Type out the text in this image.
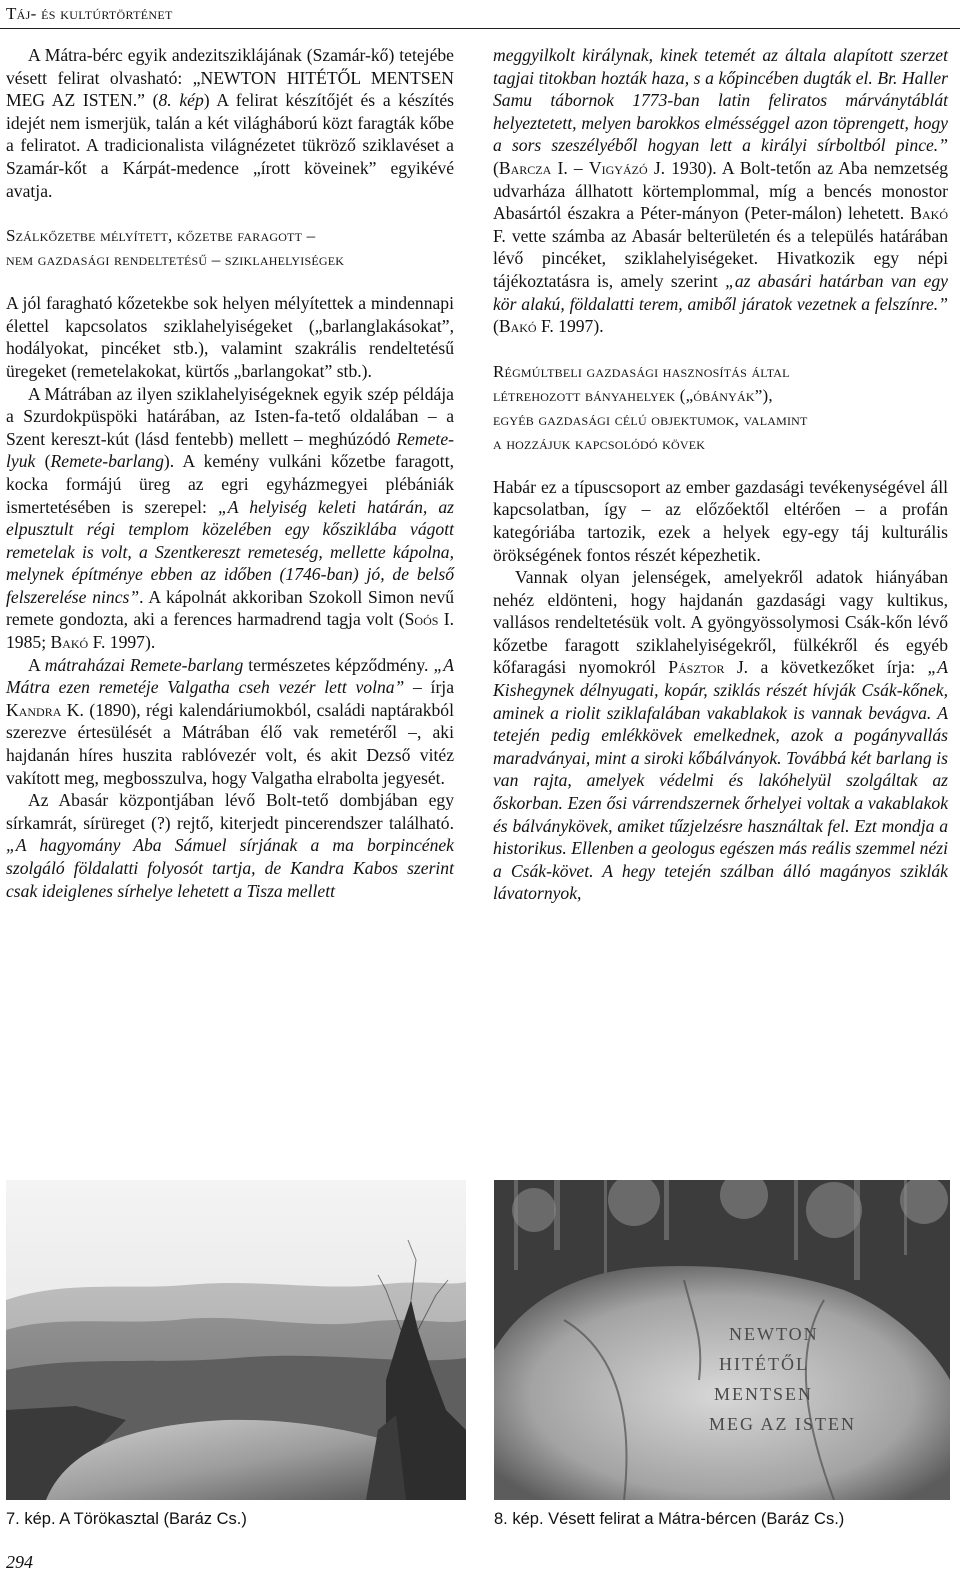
Táj- és kultúrtörténet

A Mátra-bérc egyik andezitsziklájának (Szamár-kő) tetejébe vésett felirat olvasható: „NEWTON HITÉTŐL MENTSEN MEG AZ ISTEN.” (8. kép) A felirat készítőjét és a készítés idejét nem ismerjük, talán a két világháború közt faragták kőbe a feliratot. A tradicionalista világnézetet tükröző sziklavéset a Szamár-kőt a Kárpát-medence „írott köveinek” egyikévé avatja.

Szálkőzetbe mélyített, kőzetbe faragott –
nem gazdasági rendeltetésű – sziklahelyiségek

A jól faragható kőzetekbe sok helyen mélyítettek a mindennapi élettel kapcsolatos sziklahelyiségeket („barlanglakásokat”, hodályokat, pincéket stb.), valamint szakrális rendeltetésű üregeket (remetelakokat, kürtős „barlangokat” stb.).

A Mátrában az ilyen sziklahelyiségeknek egyik szép példája a Szurdokpüspöki határában, az Isten-fa-tető oldalában – a Szent kereszt-kút (lásd fentebb) mellett – meghúzódó Remete-lyuk (Remete-barlang). A kemény vulkáni kőzetbe faragott, kocka formájú üreg az egri egyházmegyei plébániák ismertetésében is szerepel: „A helyiség keleti határán, az elpusztult régi templom közelében egy kősziklába vágott remetelak is volt, a Szentkereszt remeteség, mellette kápolna, melynek építménye ebben az időben (1746-ban) jó, de belső felszerelése nincs”. A kápolnát akkoriban Szokoll Simon nevű remete gondozta, aki a ferences harmadrend tagja volt (Soós I. 1985; Bakó F. 1997).

A mátraházai Remete-barlang természetes képződmény. „A Mátra ezen remetéje Valgatha cseh vezér lett volna” – írja Kandra K. (1890), régi kalendáriumokból, családi naptárakból szerezve értesülését a Mátrában élő vak remetéről –, aki hajdanán híres huszita rablóvezér volt, és akit Dezső vitéz vakított meg, megbosszulva, hogy Valgatha elrabolta jegyesét.

Az Abasár központjában lévő Bolt-tető dombjában egy sírkamrát, sírüreget (?) rejtő, kiterjedt pincerendszer található. „A hagyomány Aba Sámuel sírjának a ma borpincének szolgáló földalatti folyosót tartja, de Kandra Kabos szerint csak ideiglenes sírhelye lehetett a Tisza mellett

meggyilkolt királynak, kinek tetemét az általa alapított szerzet tagjai titokban hozták haza, s a kőpincében dugták el. Br. Haller Samu tábornok 1773-ban latin feliratos márványtáblát helyeztetett, melyen barokkos elmésséggel azon töprengett, hogy a sors szeszélyéből hogyan lett a királyi sírboltból pince.” (Barcza I. – Vigyázó J. 1930). A Bolt-tetőn az Aba nemzetség udvarháza állhatott körtemplommal, míg a bencés monostor Abasártól északra a Péter-mányon (Peter-málon) lehetett. Bakó F. vette számba az Abasár belterületén és a település határában lévő pincéket, sziklahelyiségeket. Hivatkozik egy népi tájékoztatásra is, amely szerint „az abasári határban van egy kör alakú, földalatti terem, amiből járatok vezetnek a felszínre.” (Bakó F. 1997).

Régmúltbeli gazdasági hasznosítás által
létrehozott bányahelyek („óbányák”),
egyéb gazdasági célú objektumok, valamint
a hozzájuk kapcsolódó kövek

Habár ez a típuscsoport az ember gazdasági tevékenységével áll kapcsolatban, így – az előzőektől eltérően – a profán kategóriába tartozik, ezek a helyek egy-egy táj kulturális örökségének fontos részét képezhetik.

Vannak olyan jelenségek, amelyekről adatok hiányában nehéz eldönteni, hogy hajdanán gazdasági vagy kultikus, vallásos rendeltetésük volt. A gyöngyössolymosi Csák-kőn lévő kőzetbe faragott sziklahelyiségekről, fülkékről és egyéb kőfaragási nyomokról Pásztor J. a következőket írja: „A Kishegynek délnyugati, kopár, sziklás részét hívják Csák-kőnek, aminek a riolit sziklafalában vakablakok is vannak bevágva. A tetején pedig emlékkövek emelkednek, azok a pogányvallás maradványai, mint a siroki kőbálványok. Továbbá két barlang is van rajta, amelyek védelmi és lakóhelyül szolgáltak az őskorban. Ezen ősi várrendszernek őrhelyei voltak a vakablakok és bálványkövek, amiket tűzjelzésre használtak fel. Ezt mondja a historikus. Ellenben a geologus egészen más reális szemmel nézi a Csák-követ. A hegy tetején szálban álló magányos sziklák lávatornyok,

NEWTON
HITÉTŐL
MENTSEN
MEG AZ ISTEN
7. kép. A Törökasztal (Baráz Cs.)	8. kép. Vésett felirat a Mátra-bércen (Baráz Cs.)
294
